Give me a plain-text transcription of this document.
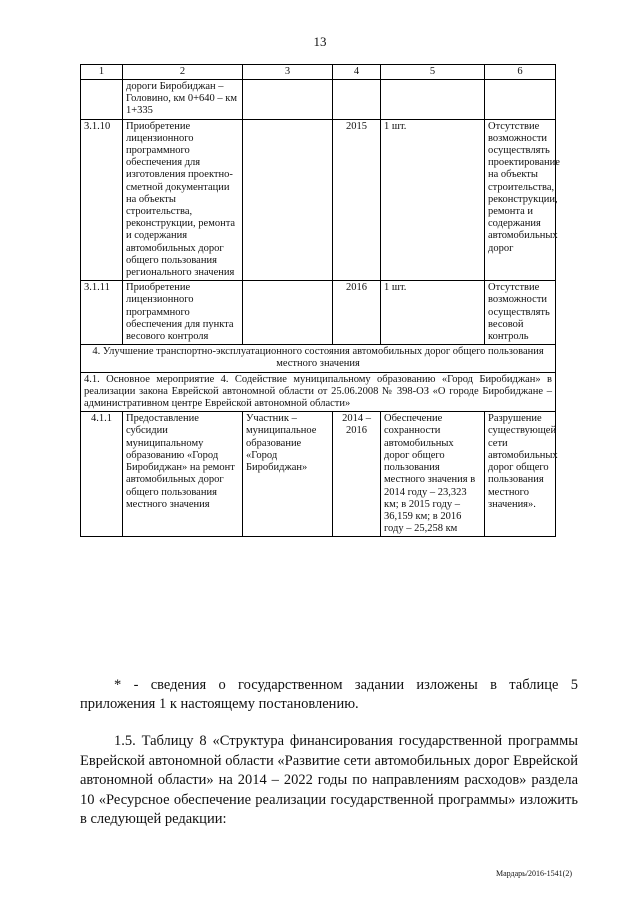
13
1	2	3	4	5	6
	дороги Биробиджан – Головино, км 0+640 – км 1+335				
3.1.10	Приобретение лицензионного программного обеспечения для изготовления проектно-сметной документации на объекты строительства, реконструкции, ремонта и содержания автомобильных дорог общего пользования регионального значения		2015	1 шт.	Отсутствие возможности осуществлять проектирование на объекты строительства, реконструкции, ремонта и содержания автомобильных дорог
3.1.11	Приобретение лицензионного программного обеспечения для пункта весового контроля		2016	1 шт.	Отсутствие возможности осуществлять весовой контроль
4. Улучшение транспортно-эксплуатационного состояния автомобильных дорог общего пользования местного значения					
4.1. Основное мероприятие 4. Содействие муниципальному образованию «Город Биробиджан» в реализации закона Еврейской автономной области от 25.06.2008 № 398-ОЗ «О городе Биробиджане – административном центре Еврейской автономной области»					
4.1.1	Предоставление субсидии муниципальному образованию «Город Биробиджан» на ремонт автомобильных дорог общего пользования местного значения	Участник – муниципальное образование «Город Биробиджан»	2014 – 2016	Обеспечение сохранности автомобильных дорог общего пользования местного значения в 2014 году – 23,323 км; в 2015 году – 36,159 км; в 2016 году – 25,258 км	Разрушение существующей сети автомобильных дорог общего пользования местного значения».
* - сведения о государственном задании изложены в таблице 5 приложения 1 к настоящему постановлению.
1.5. Таблицу 8 «Структура финансирования государственной программы Еврейской автономной области «Развитие сети автомобильных дорог Еврейской автономной области» на 2014 – 2022 годы по направлениям расходов» раздела 10 «Ресурсное обеспечение реализации государственной программы» изложить в следующей редакции:
Мардарь/2016-1541(2)
